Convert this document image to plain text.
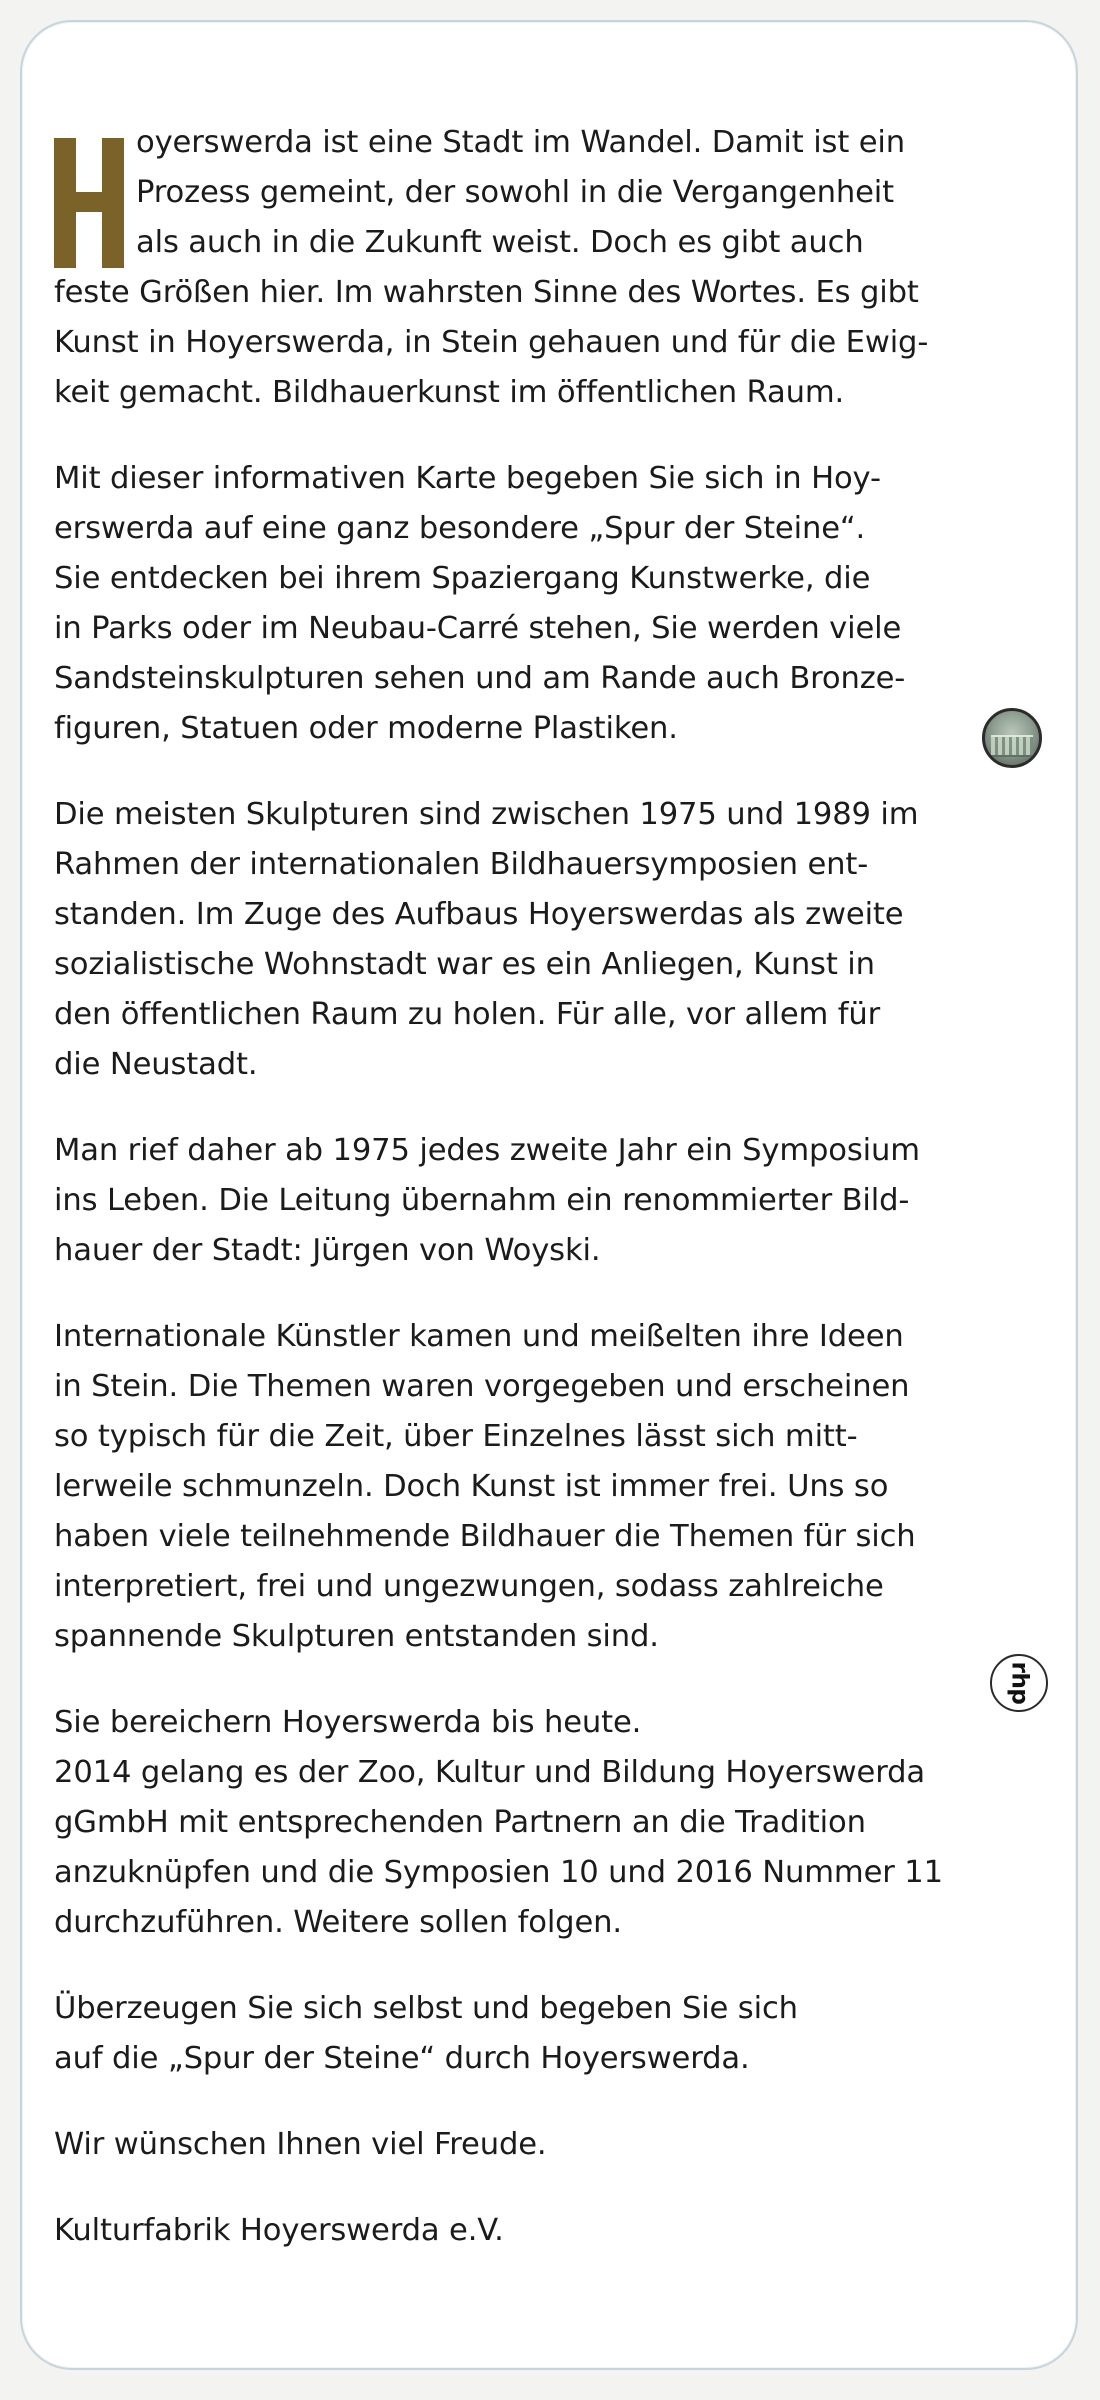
oyerswerda ist eine Stadt im Wandel. Damit ist ein
Prozess gemeint, der sowohl in die Vergangenheit
als auch in die Zukunft weist. Doch es gibt auch
feste Größen hier. Im wahrsten Sinne des Wortes. Es gibt
Kunst in Hoyerswerda, in Stein gehauen und für die Ewig-
keit gemacht. Bildhauerkunst im öffentlichen Raum.

Mit dieser informativen Karte begeben Sie sich in Hoy-
erswerda auf eine ganz besondere „Spur der Steine“.
Sie entdecken bei ihrem Spaziergang Kunstwerke, die
in Parks oder im Neubau-Carré stehen, Sie werden viele
Sandsteinskulpturen sehen und am Rande auch Bronze-
figuren, Statuen oder moderne Plastiken.

Die meisten Skulpturen sind zwischen 1975 und 1989 im
Rahmen der internationalen Bildhauersymposien ent-
standen. Im Zuge des Aufbaus Hoyerswerdas als zweite
sozialistische Wohnstadt war es ein Anliegen, Kunst in
den öffentlichen Raum zu holen. Für alle, vor allem für
die Neustadt.

Man rief daher ab 1975 jedes zweite Jahr ein Symposium
ins Leben. Die Leitung übernahm ein renommierter Bild-
hauer der Stadt: Jürgen von Woyski.

Internationale Künstler kamen und meißelten ihre Ideen
in Stein. Die Themen waren vorgegeben und erscheinen
so typisch für die Zeit, über Einzelnes lässt sich mitt-
lerweile schmunzeln. Doch Kunst ist immer frei. Uns so
haben viele teilnehmende Bildhauer die Themen für sich
interpretiert, frei und ungezwungen, sodass zahlreiche
spannende Skulpturen entstanden sind.

Sie bereichern Hoyerswerda bis heute.
2014 gelang es der Zoo, Kultur und Bildung Hoyerswerda
gGmbH mit entsprechenden Partnern an die Tradition
anzuknüpfen und die Symposien 10 und 2016 Nummer 11
durchzuführen. Weitere sollen folgen.

Überzeugen Sie sich selbst und begeben Sie sich
auf die „Spur der Steine“ durch Hoyerswerda.

Wir wünschen Ihnen viel Freude.

Kulturfabrik Hoyerswerda e.V.

rhp
